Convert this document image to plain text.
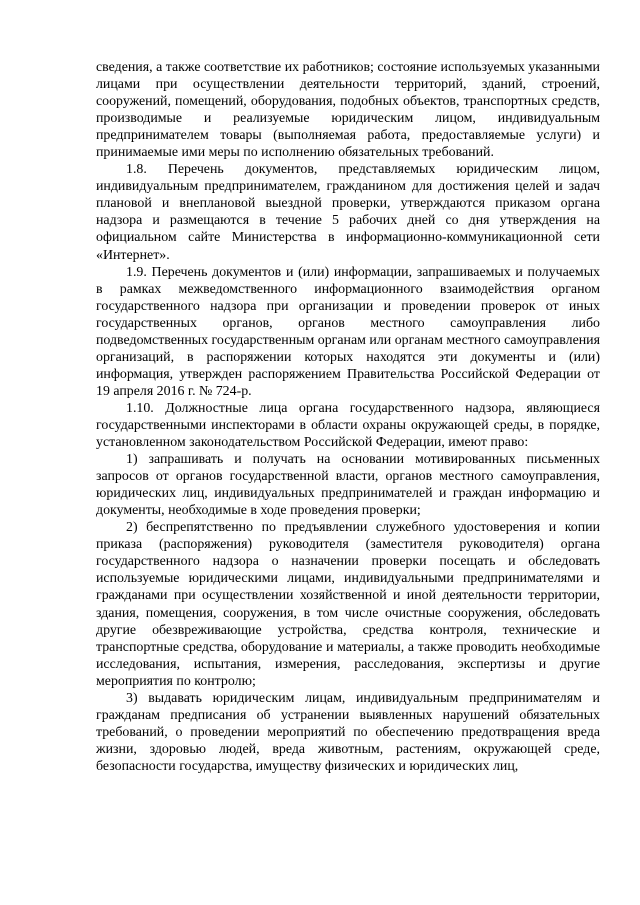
сведения, а также соответствие их работников; состояние используемых указанными лицами при осуществлении деятельности территорий, зданий, строений, сооружений, помещений, оборудования, подобных объектов, транспортных средств, производимые и реализуемые юридическим лицом, индивидуальным предпринимателем товары (выполняемая работа, предоставляемые услуги) и принимаемые ими меры по исполнению обязательных требований.

1.8. Перечень документов, представляемых юридическим лицом, индивидуальным предпринимателем, гражданином для достижения целей и задач плановой и внеплановой выездной проверки, утверждаются приказом органа надзора и размещаются в течение 5 рабочих дней со дня утверждения на официальном сайте Министерства в информационно-коммуникационной сети «Интернет».

1.9. Перечень документов и (или) информации, запрашиваемых и получаемых в рамках межведомственного информационного взаимодействия органом государственного надзора при организации и проведении проверок от иных государственных органов, органов местного самоуправления либо подведомственных государственным органам или органам местного самоуправления организаций, в распоряжении которых находятся эти документы и (или) информация, утвержден распоряжением Правительства Российской Федерации от 19 апреля 2016 г. № 724-р.

1.10. Должностные лица органа государственного надзора, являющиеся государственными инспекторами в области охраны окружающей среды, в порядке, установленном законодательством Российской Федерации, имеют право:

1) запрашивать и получать на основании мотивированных письменных запросов от органов государственной власти, органов местного самоуправления, юридических лиц, индивидуальных предпринимателей и граждан информацию и документы, необходимые в ходе проведения проверки;

2) беспрепятственно по предъявлении служебного удостоверения и копии приказа (распоряжения) руководителя (заместителя руководителя) органа государственного надзора о назначении проверки посещать и обследовать используемые юридическими лицами, индивидуальными предпринимателями и гражданами при осуществлении хозяйственной и иной деятельности территории, здания, помещения, сооружения, в том числе очистные сооружения, обследовать другие обезвреживающие устройства, средства контроля, технические и транспортные средства, оборудование и материалы, а также проводить необходимые исследования, испытания, измерения, расследования, экспертизы и другие мероприятия по контролю;

3) выдавать юридическим лицам, индивидуальным предпринимателям и гражданам предписания об устранении выявленных нарушений обязательных требований, о проведении мероприятий по обеспечению предотвращения вреда жизни, здоровью людей, вреда животным, растениям, окружающей среде, безопасности государства, имуществу физических и юридических лиц,
